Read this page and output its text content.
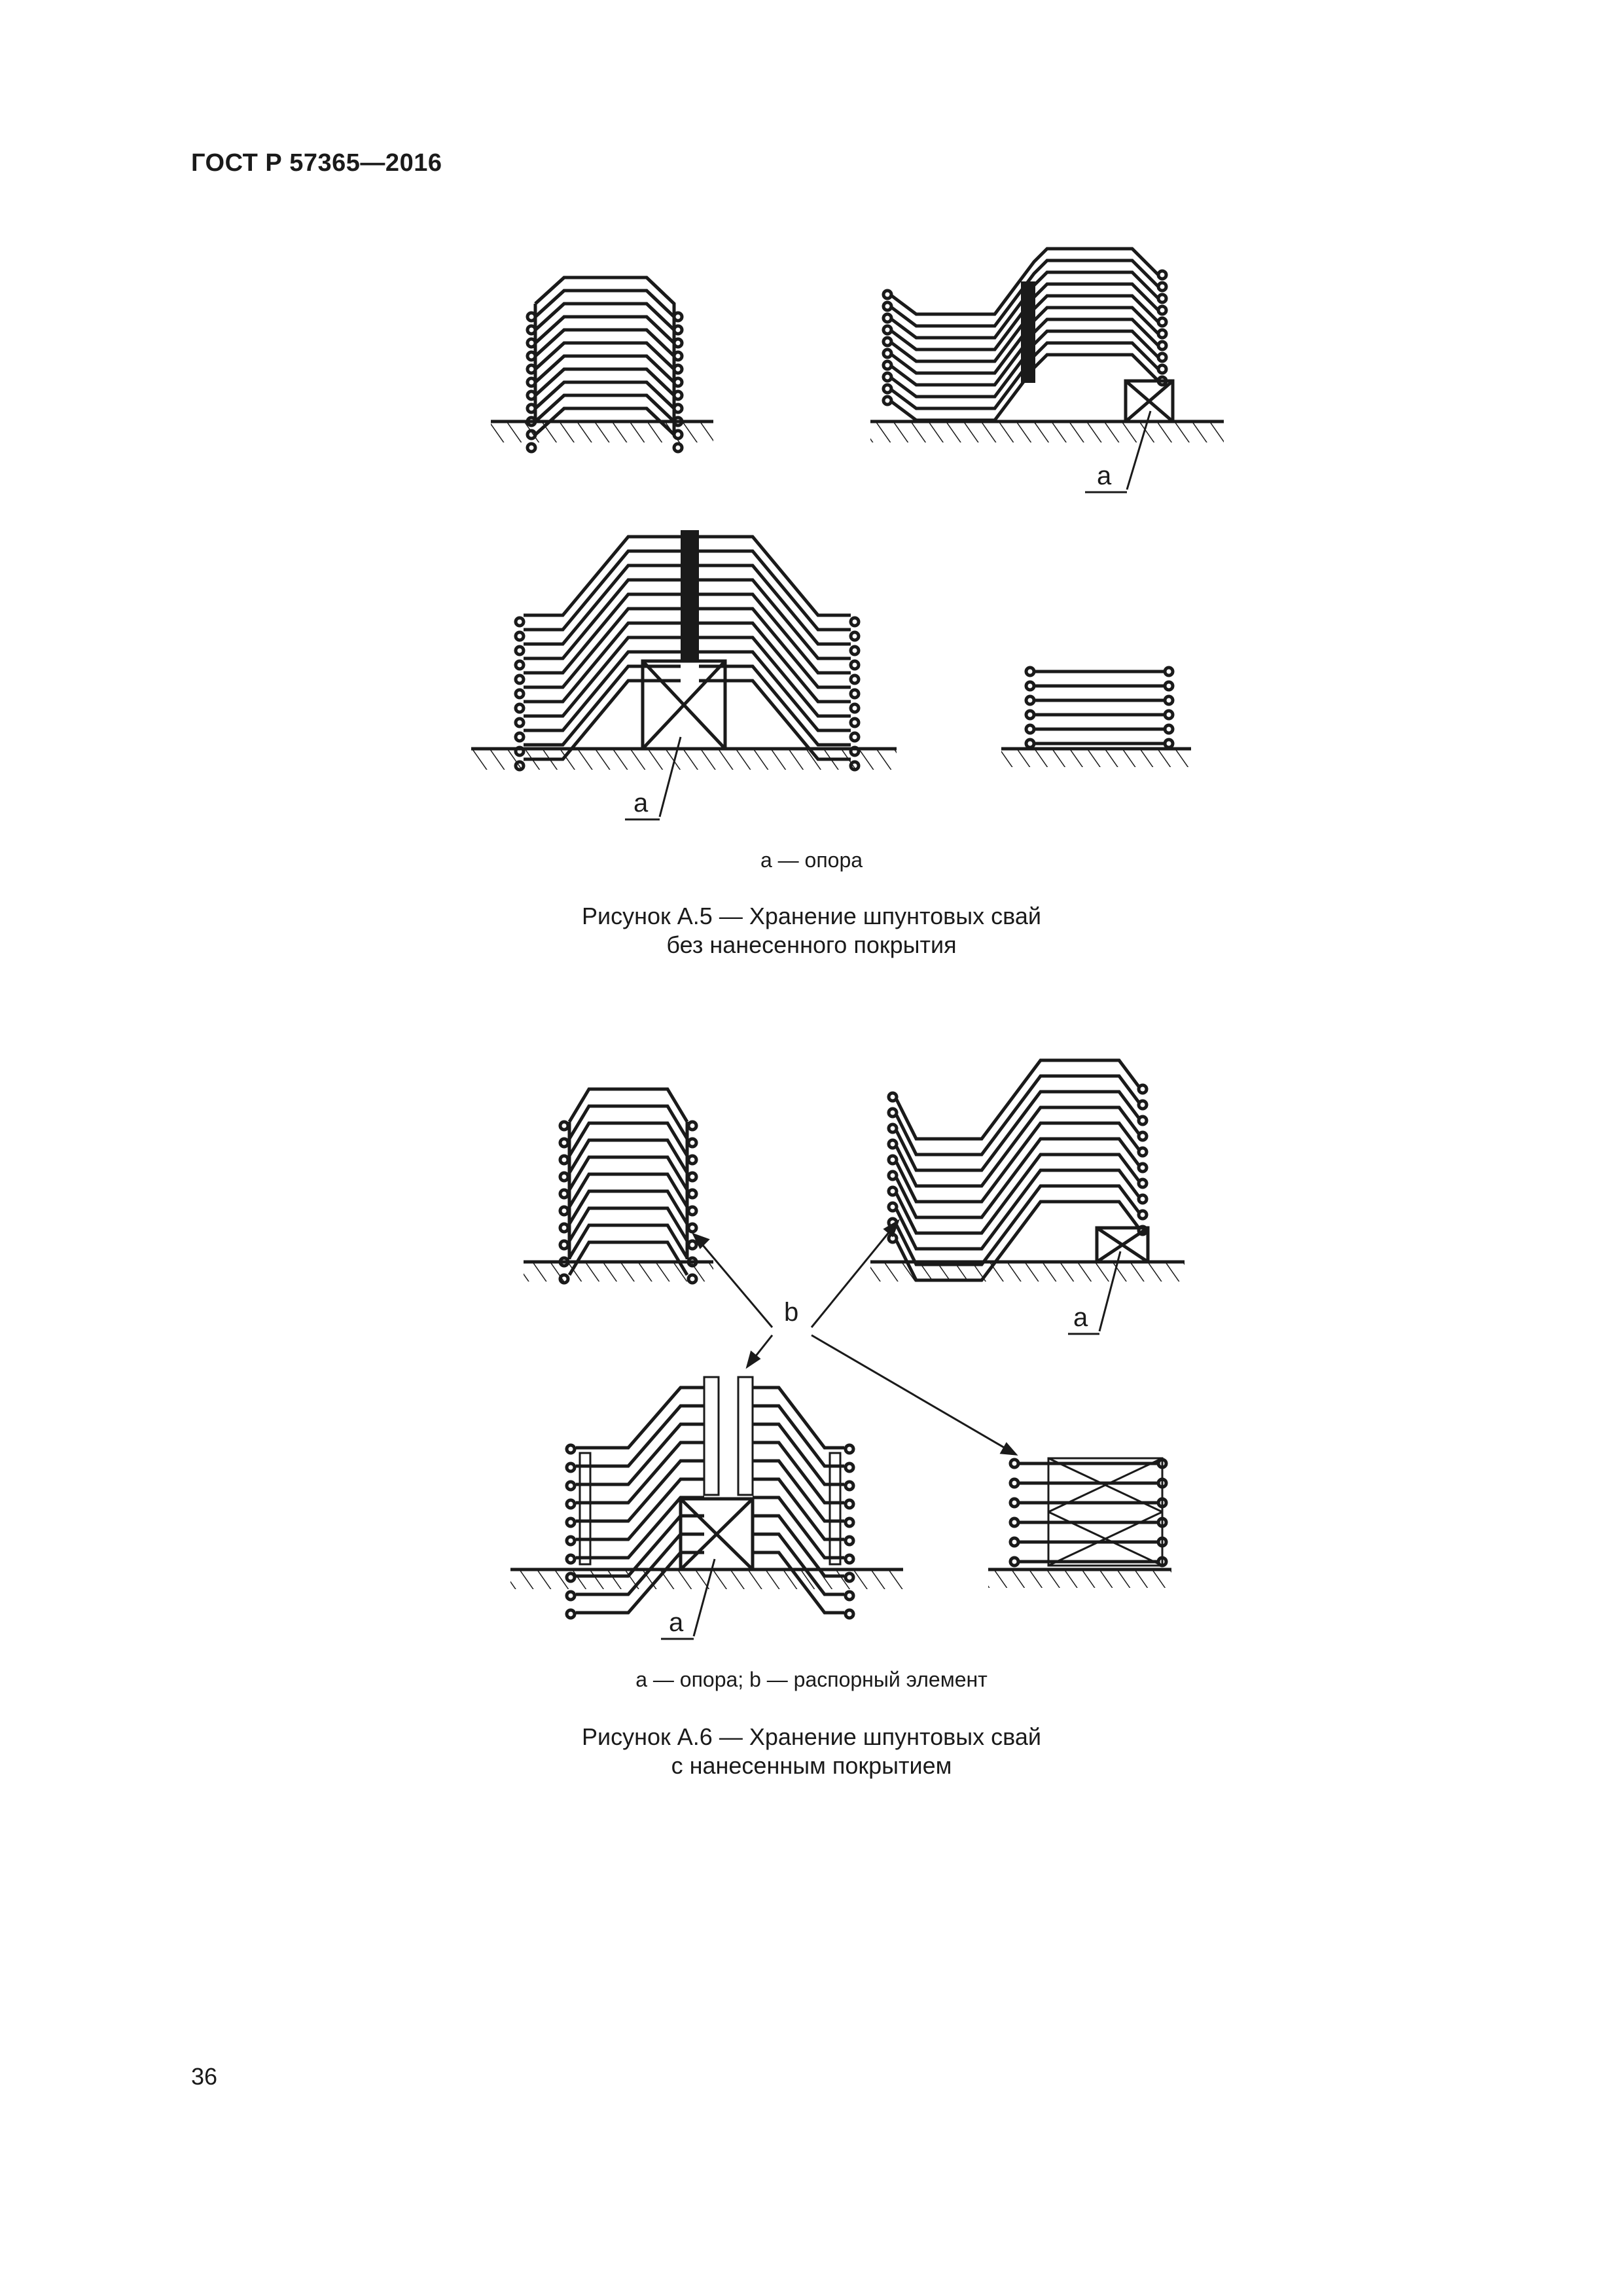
ГОСТ Р 57365—2016
a
a
a
a
b
а — опора
Рисунок А.5 — Хранение шпунтовых свай
без нанесенного покрытия
а — опора; b — распорный элемент
Рисунок А.6 — Хранение шпунтовых свай
с нанесенным покрытием
36
